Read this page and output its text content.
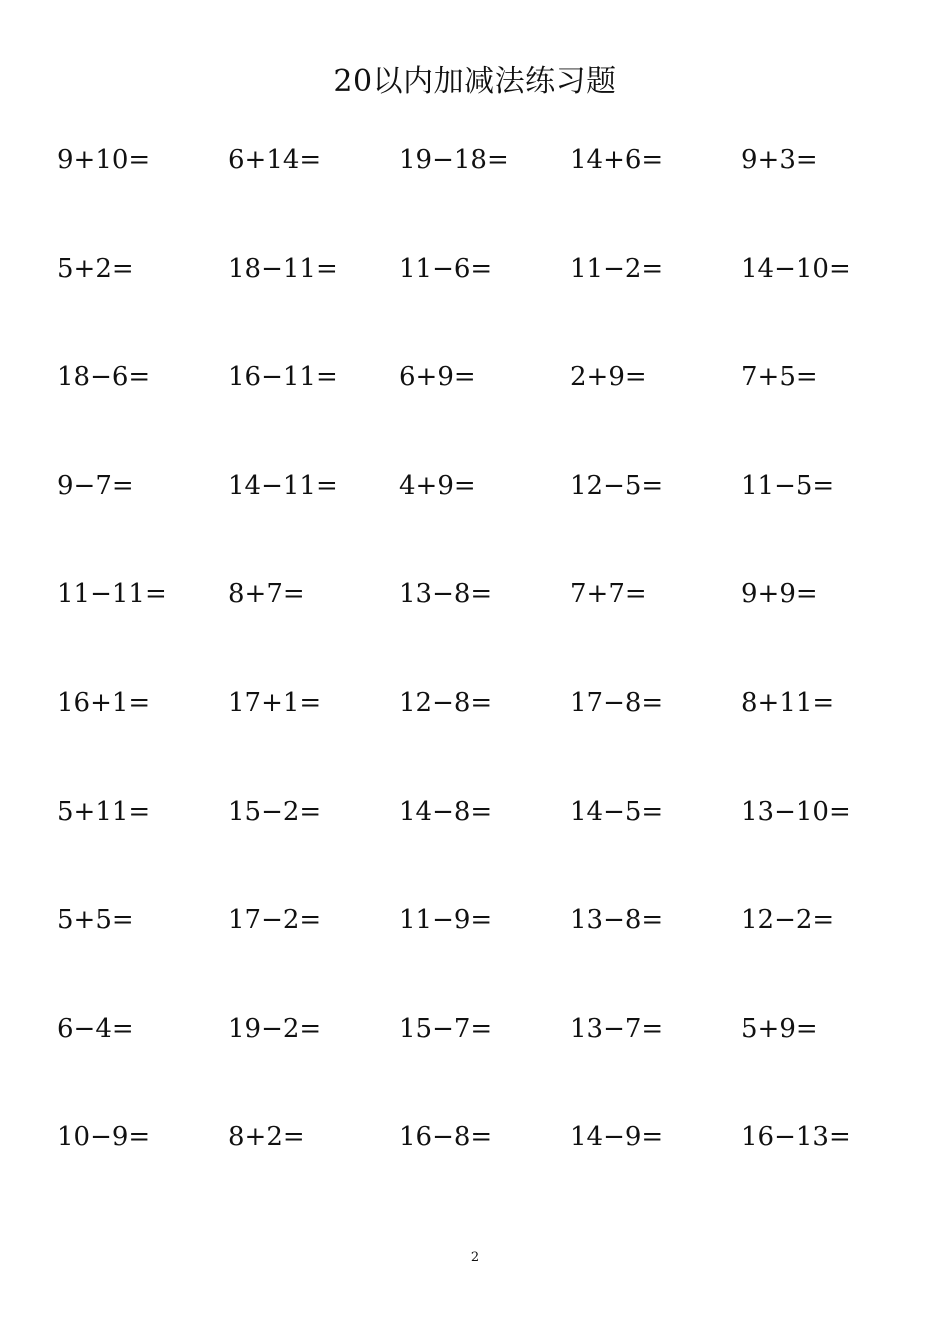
20以内加减法练习题
9+10=	6+14=	19−18=	14+6=	9+3=
5+2=	18−11=	11−6=	11−2=	14−10=
18−6=	16−11=	6+9=	2+9=	7+5=
9−7=	14−11=	4+9=	12−5=	11−5=
11−11=	8+7=	13−8=	7+7=	9+9=
16+1=	17+1=	12−8=	17−8=	8+11=
5+11=	15−2=	14−8=	14−5=	13−10=
5+5=	17−2=	11−9=	13−8=	12−2=
6−4=	19−2=	15−7=	13−7=	5+9=
10−9=	8+2=	16−8=	14−9=	16−13=
2
